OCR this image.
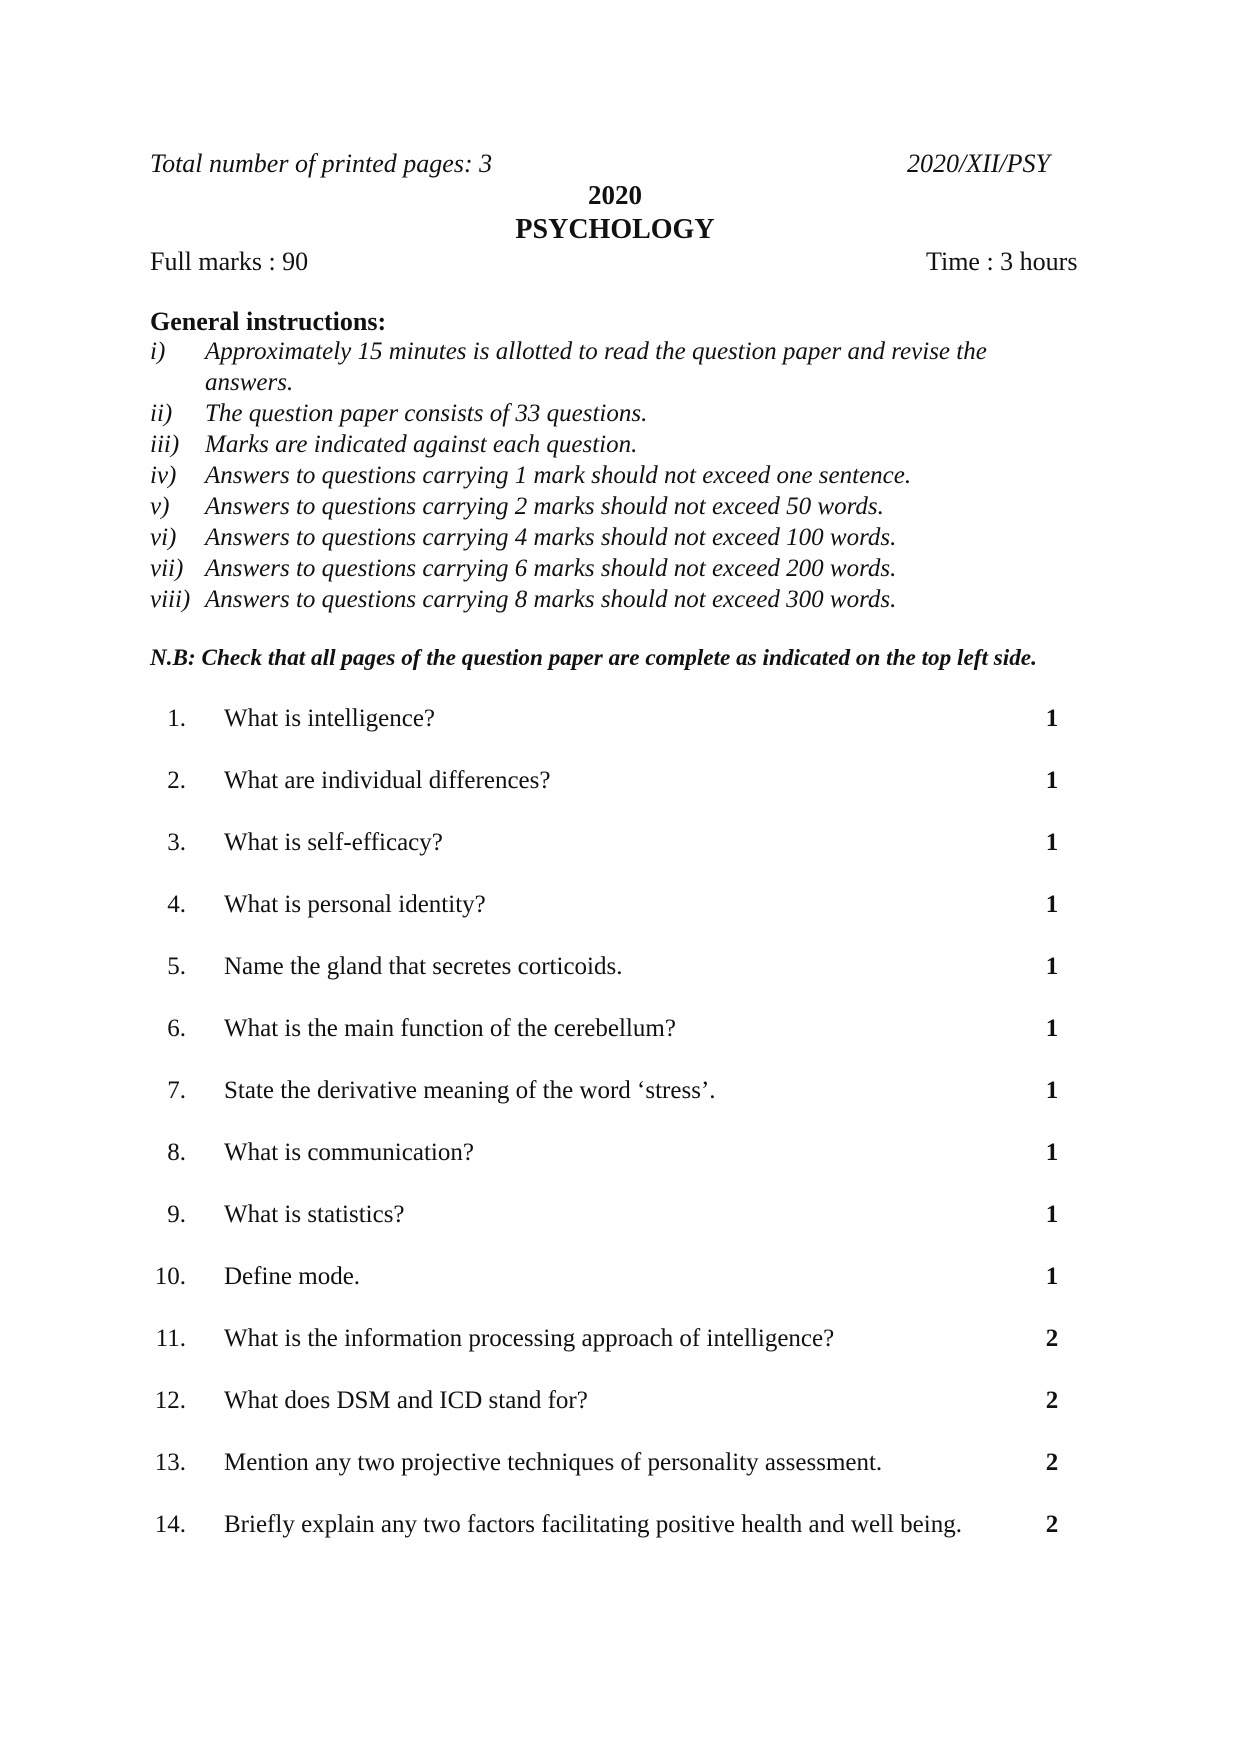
Total number of printed pages: 3	2020/XII/PSY
2020
PSYCHOLOGY
Full marks : 90	Time : 3 hours
General instructions:
i) Approximately 15 minutes is allotted to read the question paper and revise the
answers.
ii) The question paper consists of 33 questions.
iii) Marks are indicated against each question.
iv) Answers to questions carrying 1 mark should not exceed one sentence.
v) Answers to questions carrying 2 marks should not exceed 50 words.
vi) Answers to questions carrying 4 marks should not exceed 100 words.
vii) Answers to questions carrying 6 marks should not exceed 200 words.
viii) Answers to questions carrying 8 marks should not exceed 300 words.
N.B: Check that all pages of the question paper are complete as indicated on the top left side.
1. What is intelligence?	1
2. What are individual differences?	1
3. What is self-efficacy?	1
4. What is personal identity?	1
5. Name the gland that secretes corticoids.	1
6. What is the main function of the cerebellum?	1
7. State the derivative meaning of the word ‘stress’.	1
8. What is communication?	1
9. What is statistics?	1
10. Define mode.	1
11. What is the information processing approach of intelligence?	2
12. What does DSM and ICD stand for?	2
13. Mention any two projective techniques of personality assessment.	2
14. Briefly explain any two factors facilitating positive health and well being.	2
